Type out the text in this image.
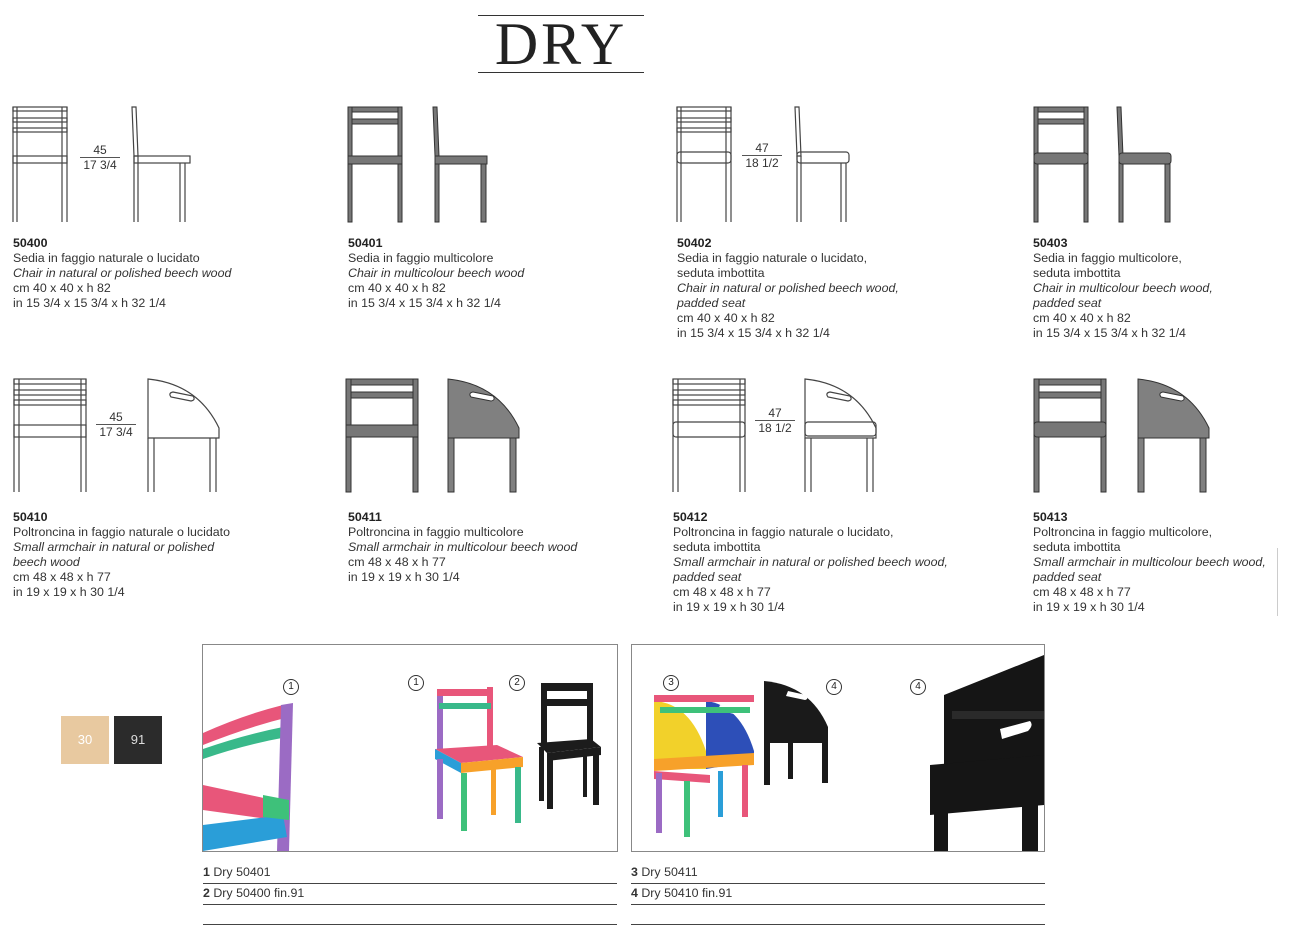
DRY
45
17 3/4
47
18 1/2
50400
Sedia in faggio naturale o lucidato
Chair in natural or polished beech wood
cm 40 x 40 x h 82
in 15 3/4 x 15 3/4 x h 32 1/4
50401
Sedia in faggio multicolore
Chair in multicolour beech wood
cm 40 x 40 x h 82
in 15 3/4 x 15 3/4 x h 32 1/4
50402
Sedia in faggio naturale o lucidato,
seduta imbottita
Chair in natural or polished beech wood,
padded seat
cm 40 x 40 x h 82
in 15 3/4 x 15 3/4 x h 32 1/4
50403
Sedia in faggio multicolore,
seduta imbottita
Chair in multicolour beech wood,
padded seat
cm 40 x 40 x h 82
in 15 3/4 x 15 3/4 x h 32 1/4
45
17 3/4
47
18 1/2
50410
Poltroncina in faggio naturale o lucidato
Small armchair in natural or polished
beech wood
cm 48 x 48 x h 77
in 19 x 19 x h 30 1/4
50411
Poltroncina in faggio multicolore
Small armchair in multicolour beech wood
cm 48 x 48 x h 77
in 19 x 19 x h 30 1/4
50412
Poltroncina in faggio naturale o lucidato,
seduta imbottita
Small armchair in natural or polished beech wood,
padded seat
cm 48 x 48 x h 77
in 19 x 19 x h 30 1/4
50413
Poltroncina in faggio multicolore,
seduta imbottita
Small armchair in multicolour beech wood,
padded seat
cm 48 x 48 x h 77
in 19 x 19 x h 30 1/4
30	91
1	1	2	3	4	4
1 Dry 50401
2 Dry 50400 fin.91
3 Dry 50411
4 Dry 50410 fin.91
